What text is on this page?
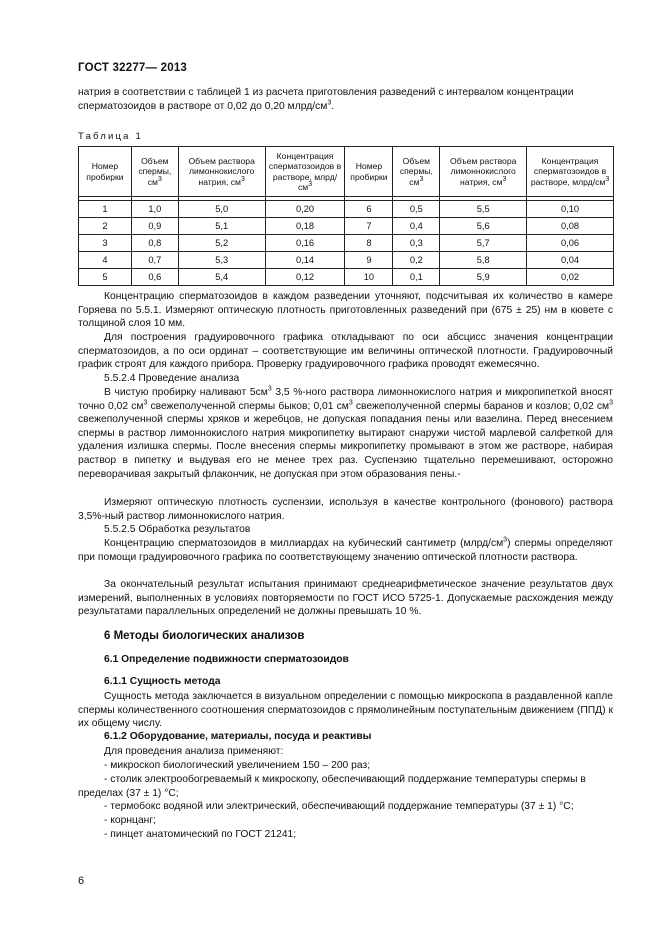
ГОСТ 32277— 2013
натрия в соответствии с таблицей 1 из расчета приготовления разведений с интервалом концентрации
сперматозоидов в растворе от 0,02 до 0,20 млрд/$см^3$.
Таблица 1
Номер пробирки	Объем спермы, $см^3$	Объем раствора лимоннокислого натрия, $см^3$	Концентрация сперматозоидов в растворе, млрд/ $см^3$	Номер пробирки	Объем спермы, $см^3$	Объем раствора лимоннокислого натрия, $см^3$	Концентрация сперматозоидов в растворе, млрд/$см^3$

1	1,0	5,0	0,20	6	0,5	5,5	0,10
2	0,9	5,1	0,18	7	0,4	5,6	0,08
3	0,8	5,2	0,16	8	0,3	5,7	0,06
4	0,7	5,3	0,14	9	0,2	5,8	0,04
5	0,6	5,4	0,12	10	0,1	5,9	0,02
Концентрацию сперматозоидов в каждом разведении уточняют, подсчитывая их количество в камере Горяева по 5.5.1. Измеряют оптическую плотность приготовленных разведений при (675 ± 25) нм в кювете с толщиной слоя 10 мм.
Для построения градуировочного графика откладывают по оси абсцисс значения концентрации сперматозоидов, а по оси ординат – соответствующие им величины оптической плотности. Градуировочный график строят для каждого прибора. Проверку градуировочного графика проводят ежемесячно.
5.5.2.4 Проведение анализа
В чистую пробирку наливают $5см^3$ 3,5 %-ного раствора лимоннокислого натрия и микропипеткой вносят точно 0,02 $см^3$ свежеполученной спермы быков; 0,01 $см^3$ свежеполученной спермы баранов и козлов; 0,02 $см^3$ свежеполученной спермы хряков и жеребцов, не допуская попадания пены или вазелина. Перед внесением спермы в раствор лимоннокислого натрия микропипетку вытирают снаружи чистой марлевой салфеткой для удаления излишка спермы. После внесения спермы микропипетку промывают в этом же растворе, набирая раствор в пипетку и выдувая его не менее трех раз. Суспензию тщательно перемешивают, осторожно переворачивая закрытый флакончик, не допуская при этом образования пены.-
Измеряют оптическую плотность суспензии, используя в качестве контрольного (фонового) раствора 3,5%-ный раствор лимоннокислого натрия.
5.5.2.5 Обработка результатов
Концентрацию сперматозоидов в миллиардах на кубический сантиметр $(млрд/см^3)$ спермы определяют при помощи градуировочного графика по соответствующему значению оптической плотности раствора.
За окончательный результат испытания принимают среднеарифметическое значение результатов двух измерений, выполненных в условиях повторяемости по ГОСТ ИСО 5725-1. Допускаемые расхождения между результатами параллельных определений не должны превышать 10 %.
6 Методы биологических анализов
6.1 Определение подвижности сперматозоидов
6.1.1 Сущность метода
Сущность метода заключается в визуальном определении с помощью микроскопа в раздавленной капле спермы количественного соотношения сперматозоидов с прямолинейным поступательным движением (ППД) к их общему числу.
6.1.2 Оборудование, материалы, посуда и реактивы
Для проведения анализа применяют:
- микроскоп биологический увеличением 150 – 200 раз;
- столик электрообогреваемый к микроскопу, обеспечивающий поддержание температуры спермы в пределах (37 ± 1) °С;
- термобокс водяной или электрический, обеспечивающий поддержание температуры (37 ± 1) °С;
- корнцанг;
- пинцет анатомический по ГОСТ 21241;
6
